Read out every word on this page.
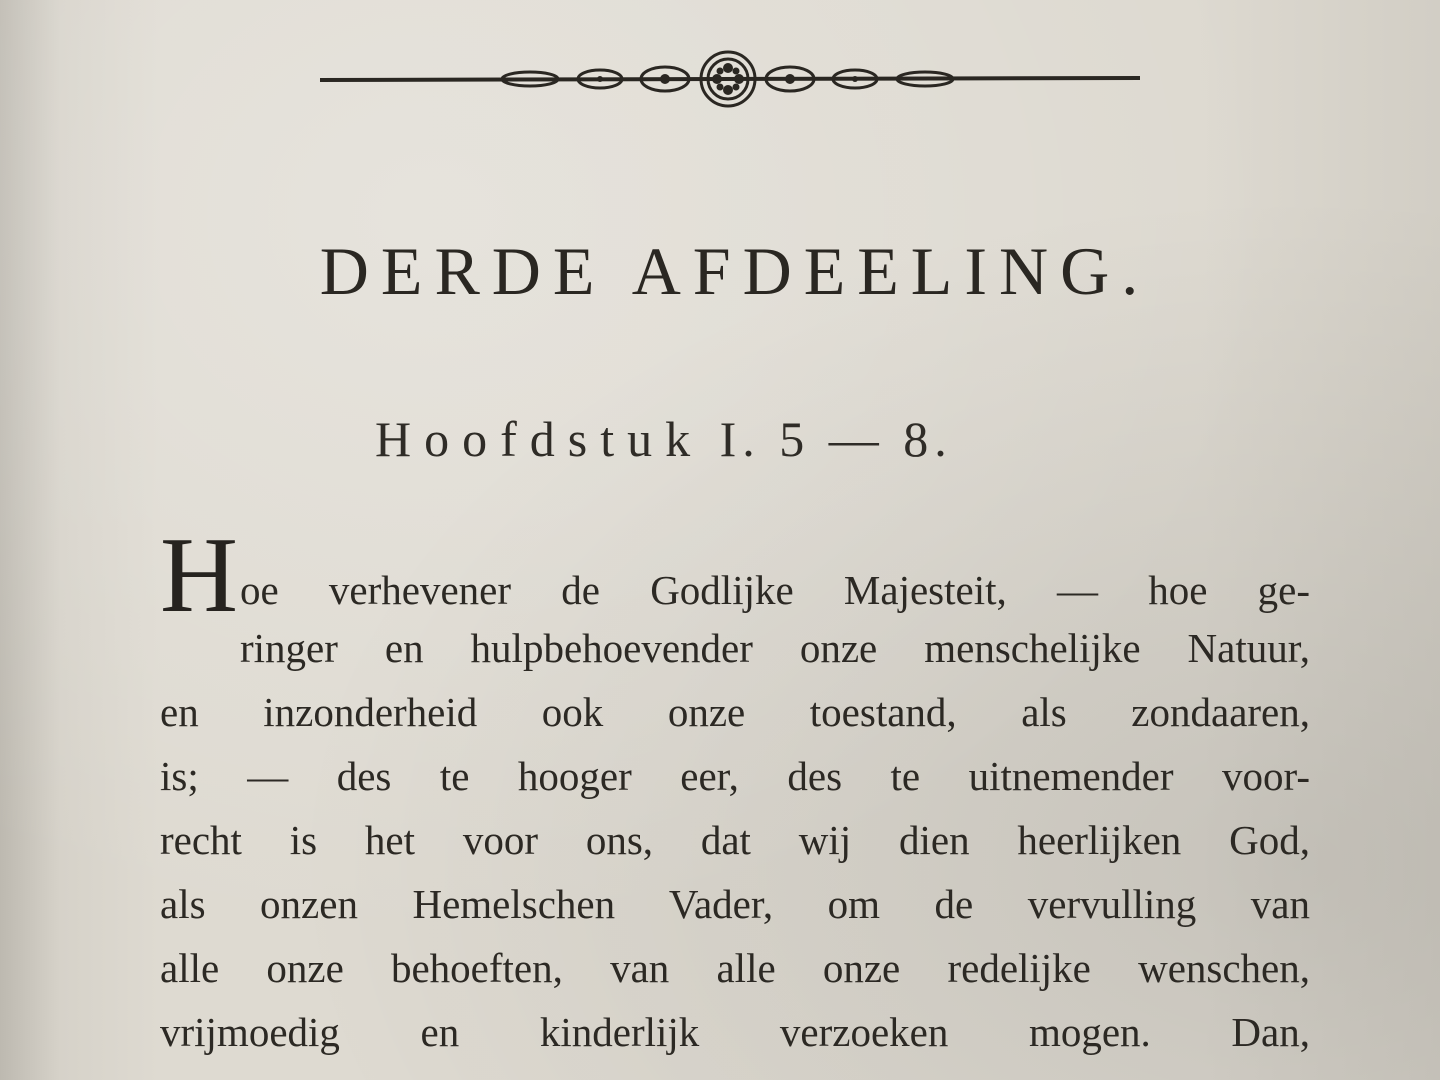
DERDE AFDEELING.
Hoofdstuk I. 5 — 8.
H oe verhevener de Godlijke Majesteit, — hoe ge-
ringer en hulpbehoevender onze menschelijke Natuur,
en inzonderheid ook onze toestand, als zondaaren,
is; — des te hooger eer, des te uitnemender voor-
recht is het voor ons, dat wij dien heerlijken God,
als onzen Hemelschen Vader, om de vervulling van
alle onze behoeften, van alle onze redelijke wenschen,
vrijmoedig en kinderlijk verzoeken mogen. Dan,
